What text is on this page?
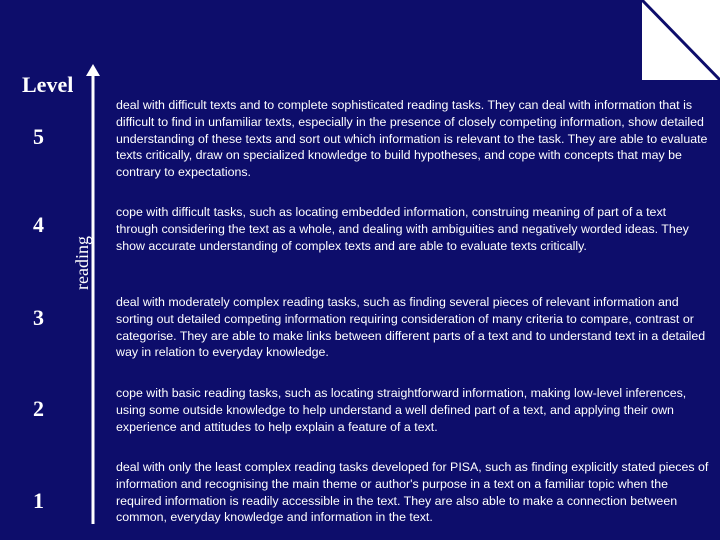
Level
reading
5
deal with difficult texts and to complete sophisticated reading tasks. They can deal with information that is difficult to find in unfamiliar texts, especially in the presence of closely competing information, show detailed understanding of these texts and sort out which information is relevant to the task. They are able to evaluate texts critically, draw on specialized knowledge to build hypotheses, and cope with concepts that may be contrary to expectations.
4	cope with difficult tasks, such as locating embedded information, construing meaning of part of a text through considering the text as a whole, and dealing with ambiguities and negatively worded ideas. They show accurate understanding of complex texts and are able to evaluate texts critically.
3
deal with moderately complex reading tasks, such as finding several pieces of relevant information and sorting out detailed competing information requiring consideration of many criteria to compare, contrast or categorise. They are able to make links between different parts of a text and to understand text in a detailed way in relation to everyday knowledge.
2
cope with basic reading tasks, such as locating straightforward information, making low-level inferences, using some outside knowledge to help understand a well defined part of a text, and applying their own experience and attitudes to help explain a feature of a text.
1
deal with only the least complex reading tasks developed for PISA, such as finding explicitly stated pieces of information and recognising the main theme or author's purpose in a text on a familiar topic when the required information is readily accessible in the text. They are also able to make a connection between common, everyday knowledge and information in the text.
